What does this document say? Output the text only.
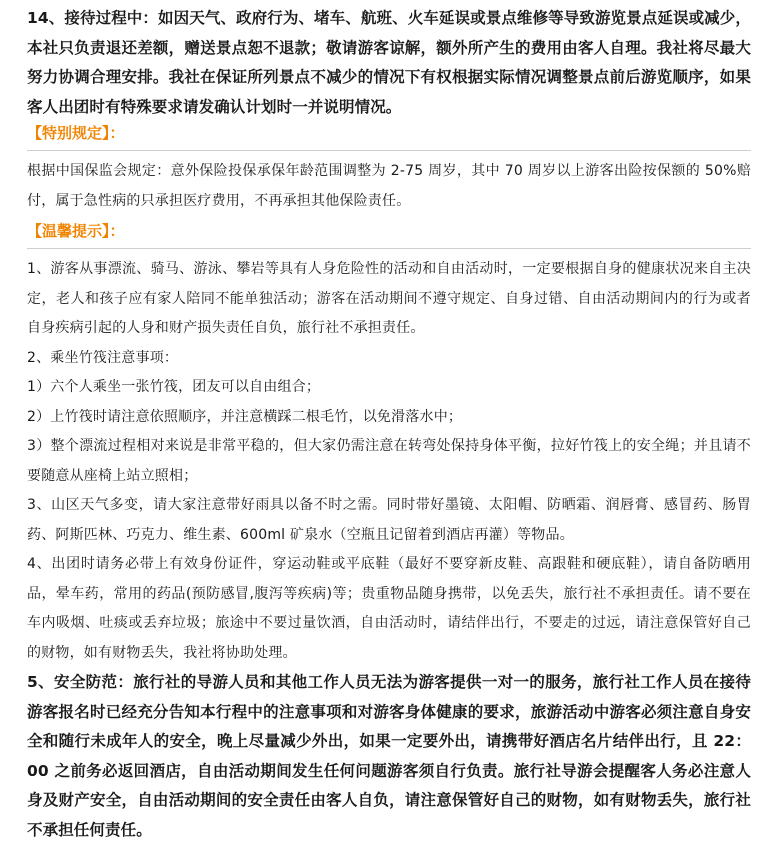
14、接待过程中：如因天气、政府行为、堵车、航班、火车延误或景点维修等导致游览景点延误或减少，本社只负责退还差额，赠送景点恕不退款；敬请游客谅解，额外所产生的费用由客人自理。我社将尽最大努力协调合理安排。我社在保证所列景点不减少的情况下有权根据实际情况调整景点前后游览顺序，如果客人出团时有特殊要求请发确认计划时一并说明情况。

【特别规定】：

根据中国保监会规定：意外保险投保承保年龄范围调整为 2-75 周岁，其中 70 周岁以上游客出险按保额的 50%赔付，属于急性病的只承担医疗费用，不再承担其他保险责任。

【温馨提示】：

1、游客从事漂流、骑马、游泳、攀岩等具有人身危险性的活动和自由活动时，一定要根据自身的健康状况来自主决定，老人和孩子应有家人陪同不能单独活动；游客在活动期间不遵守规定、自身过错、自由活动期间内的行为或者自身疾病引起的人身和财产损失责任自负，旅行社不承担责任。

2、乘坐竹筏注意事项：

1）六个人乘坐一张竹筏，团友可以自由组合；

2）上竹筏时请注意依照顺序，并注意横踩二根毛竹，以免滑落水中；

3）整个漂流过程相对来说是非常平稳的，但大家仍需注意在转弯处保持身体平衡，拉好竹筏上的安全绳；并且请不要随意从座椅上站立照相；

3、山区天气多变，请大家注意带好雨具以备不时之需。同时带好墨镜、太阳帽、防晒霜、润唇膏、感冒药、肠胃药、阿斯匹林、巧克力、维生素、600ml 矿泉水（空瓶且记留着到酒店再灌）等物品。

4、出团时请务必带上有效身份证件，穿运动鞋或平底鞋（最好不要穿新皮鞋、高跟鞋和硬底鞋），请自备防晒用品，晕车药，常用的药品(预防感冒,腹泻等疾病)等；贵重物品随身携带，以免丢失，旅行社不承担责任。请不要在车内吸烟、吐痰或丢弃垃圾；旅途中不要过量饮酒，自由活动时，请结伴出行，不要走的过远，请注意保管好自己的财物，如有财物丢失，我社将协助处理。

5、安全防范：旅行社的导游人员和其他工作人员无法为游客提供一对一的服务，旅行社工作人员在接待游客报名时已经充分告知本行程中的注意事项和对游客身体健康的要求，旅游活动中游客必须注意自身安全和随行未成年人的安全，晚上尽量减少外出，如果一定要外出，请携带好酒店名片结伴出行，且 22：00 之前务必返回酒店，自由活动期间发生任何问题游客须自行负责。旅行社导游会提醒客人务必注意人身及财产安全，自由活动期间的安全责任由客人自负，请注意保管好自己的财物，如有财物丢失，旅行社不承担任何责任。
